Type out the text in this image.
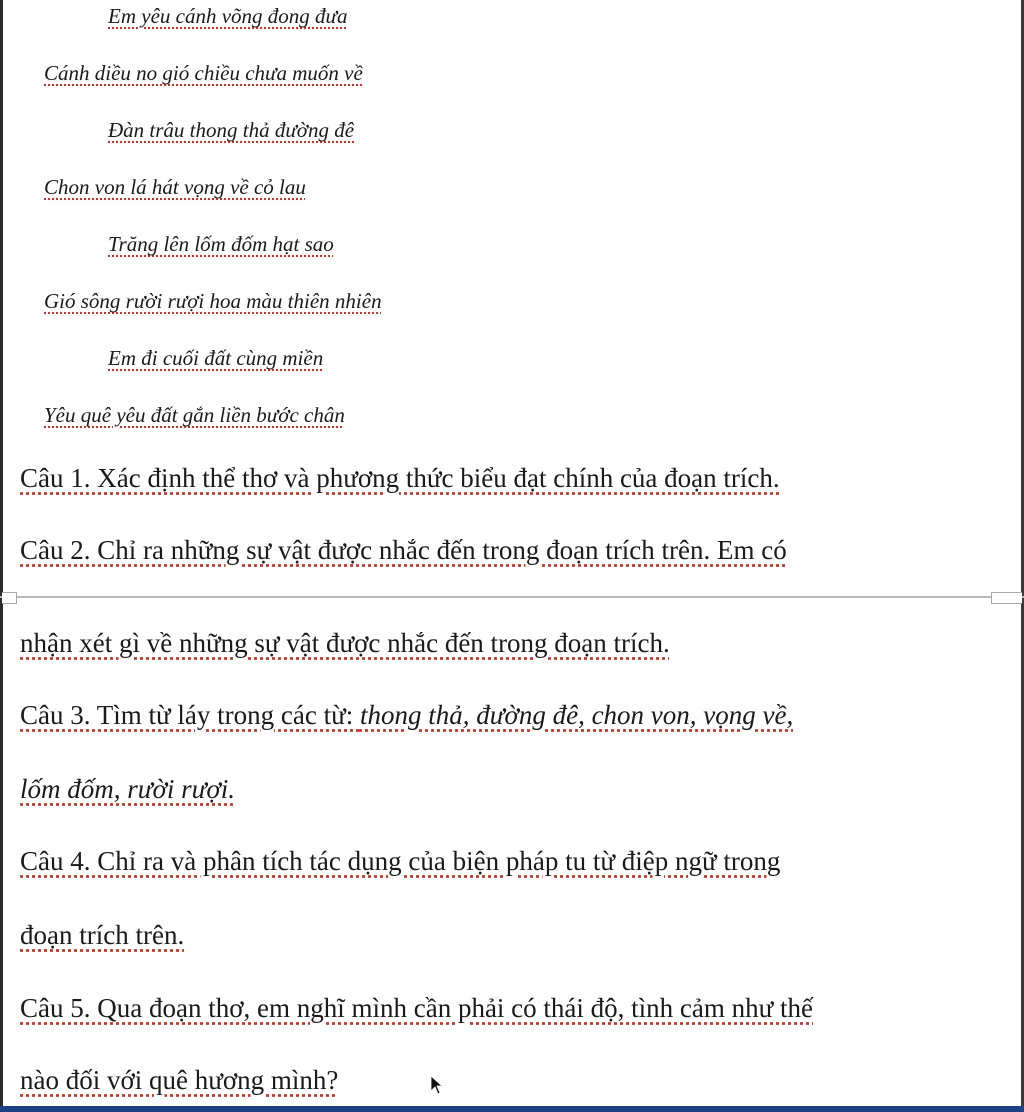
Em yêu cánh võng đong đưa
Cánh diều no gió chiều chưa muốn về
Đàn trâu thong thả đường đê
Chon von lá hát vọng về cỏ lau
Trăng lên lốm đốm hạt sao
Gió sông rười rượi hoa màu thiên nhiên
Em đi cuối đất cùng miền
Yêu quê yêu đất gắn liền bước chân
Câu 1. Xác định thể thơ và phương thức biểu đạt chính của đoạn trích.
Câu 2. Chỉ ra những sự vật được nhắc đến trong đoạn trích trên. Em có
nhận xét gì về những sự vật được nhắc đến trong đoạn trích.
Câu 3. Tìm từ láy trong các từ: thong thả, đường đê, chon von, vọng về,
lốm đốm, rười rượi.
Câu 4. Chỉ ra và phân tích tác dụng của biện pháp tu từ điệp ngữ trong
đoạn trích trên.
Câu 5. Qua đoạn thơ, em nghĩ mình cần phải có thái độ, tình cảm như thế
nào đối với quê hương mình?
